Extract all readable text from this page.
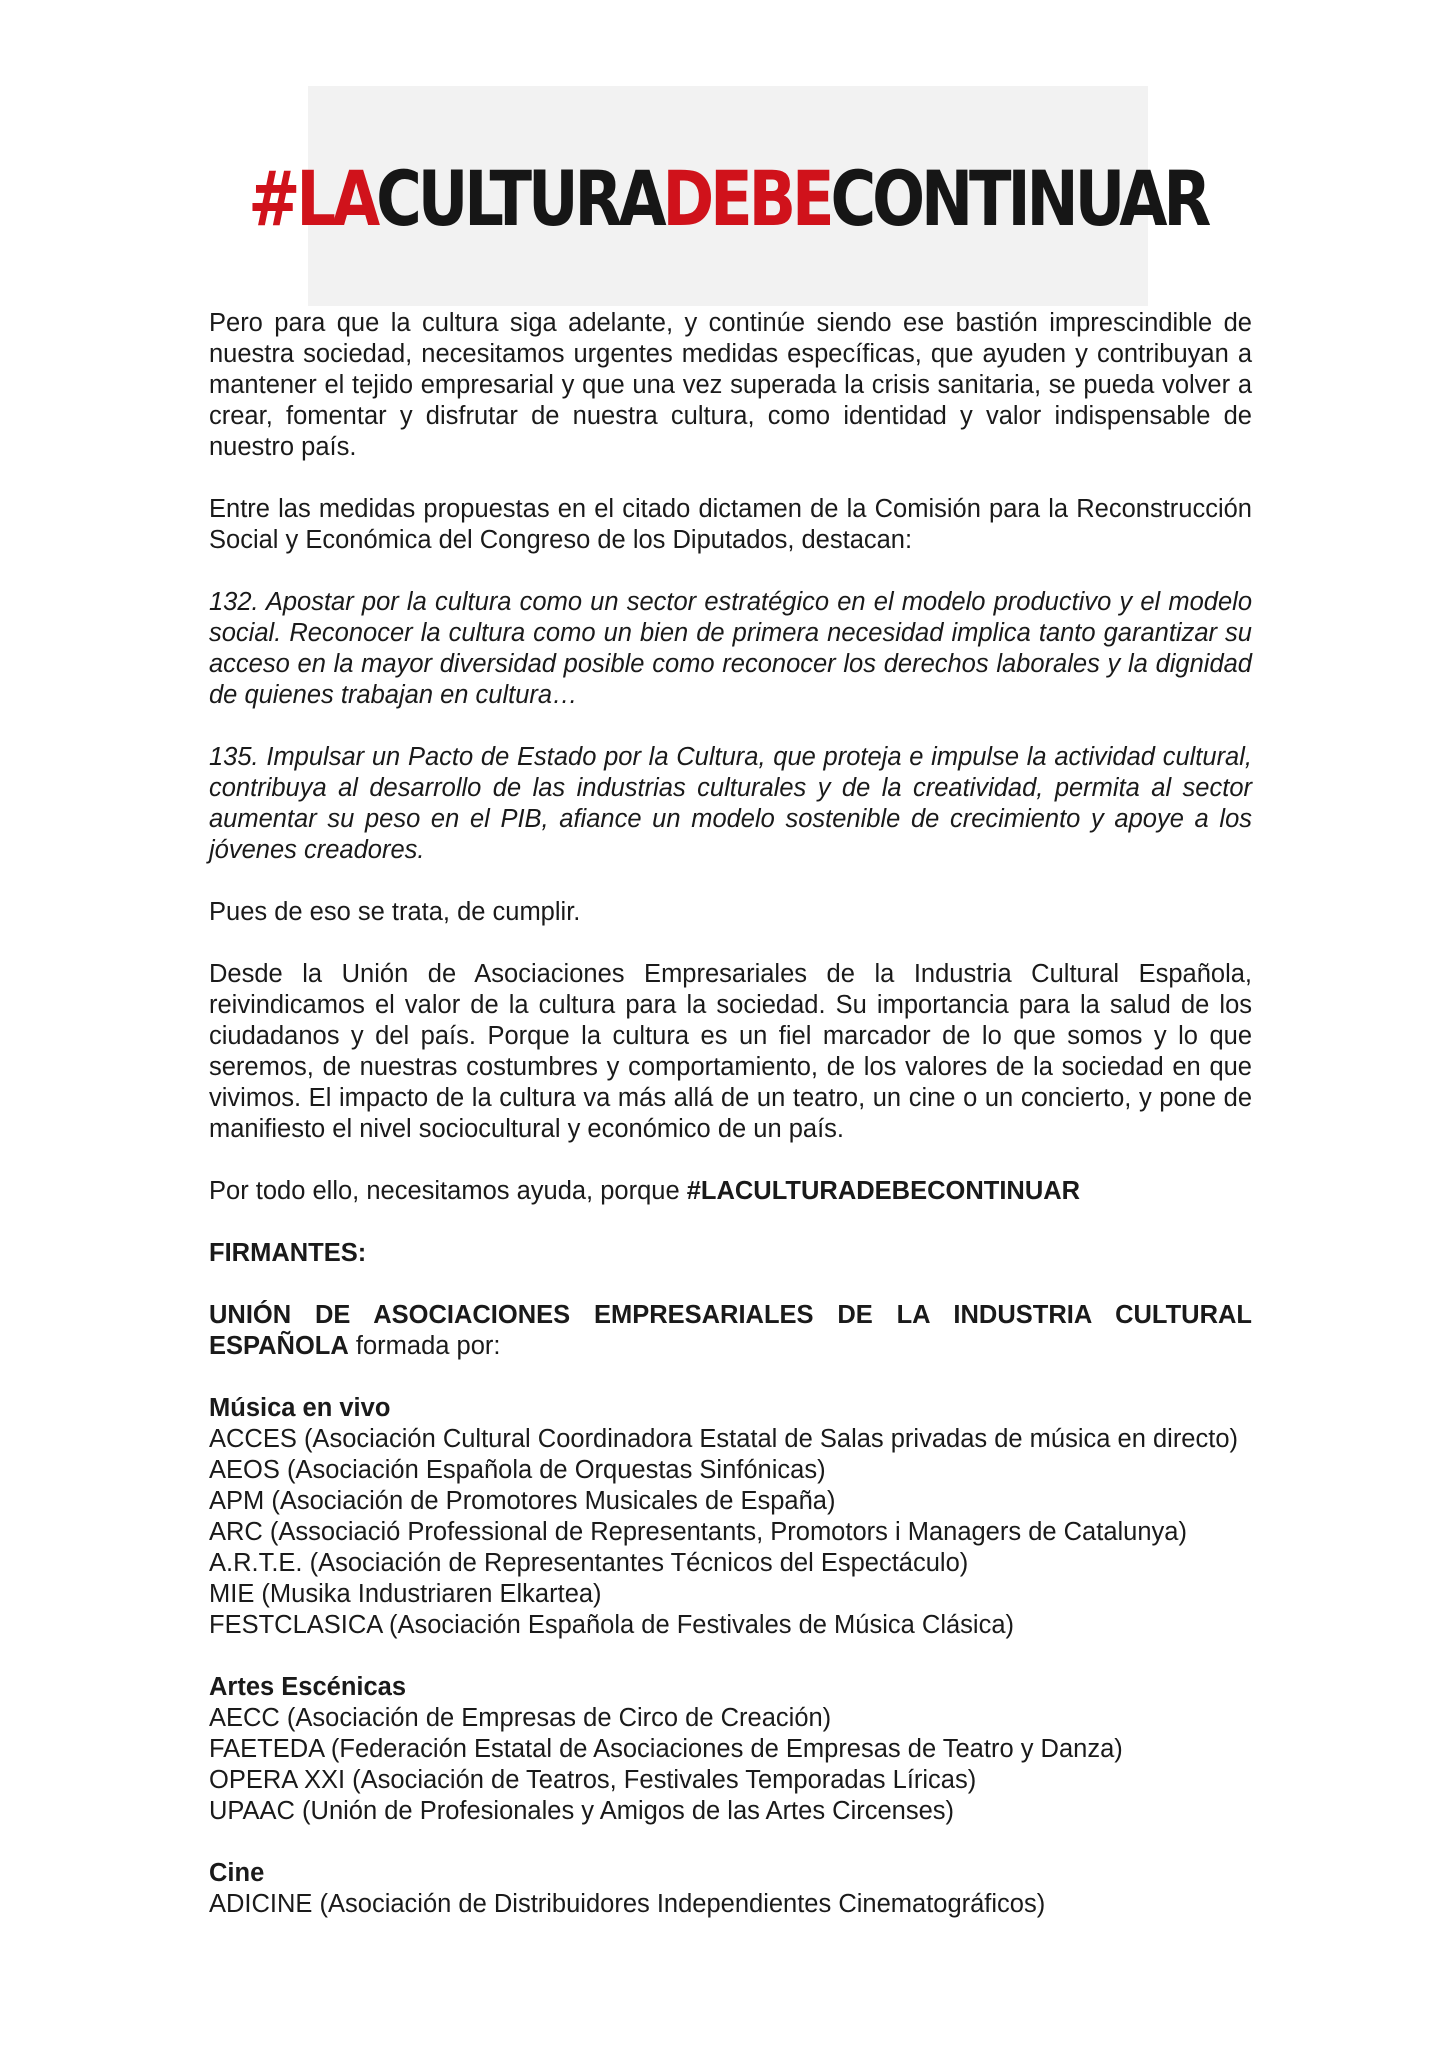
#LACULTURADEBECONTINUAR

Pero para que la cultura siga adelante, y continúe siendo ese bastión imprescindible de nuestra sociedad, necesitamos urgentes medidas específicas, que ayuden y contribuyan a mantener el tejido empresarial y que una vez superada la crisis sanitaria, se pueda volver a crear, fomentar y disfrutar de nuestra cultura, como identidad y valor indispensable de nuestro país.

Entre las medidas propuestas en el citado dictamen de la Comisión para la Reconstrucción Social y Económica del Congreso de los Diputados, destacan:

132. Apostar por la cultura como un sector estratégico en el modelo productivo y el modelo social. Reconocer la cultura como un bien de primera necesidad implica tanto garantizar su acceso en la mayor diversidad posible como reconocer los derechos laborales y la dignidad de quienes trabajan en cultura…

135. Impulsar un Pacto de Estado por la Cultura, que proteja e impulse la actividad cultural, contribuya al desarrollo de las industrias culturales y de la creatividad, permita al sector aumentar su peso en el PIB, afiance un modelo sostenible de crecimiento y apoye a los jóvenes creadores.

Pues de eso se trata, de cumplir.

Desde la Unión de Asociaciones Empresariales de la Industria Cultural Española, reivindicamos el valor de la cultura para la sociedad. Su importancia para la salud de los ciudadanos y del país. Porque la cultura es un fiel marcador de lo que somos y lo que seremos, de nuestras costumbres y comportamiento, de los valores de la sociedad en que vivimos. El impacto de la cultura va más allá de un teatro, un cine o un concierto, y pone de manifiesto el nivel sociocultural y económico de un país.

Por todo ello, necesitamos ayuda, porque #LACULTURADEBECONTINUAR

FIRMANTES:

UNIÓN DE ASOCIACIONES EMPRESARIALES DE LA INDUSTRIA CULTURAL ESPAÑOLA formada por:

Música en vivo
ACCES (Asociación Cultural Coordinadora Estatal de Salas privadas de música en directo)
AEOS (Asociación Española de Orquestas Sinfónicas)
APM (Asociación de Promotores Musicales de España)
ARC (Associació Professional de Representants, Promotors i Managers de Catalunya)
A.R.T.E. (Asociación de Representantes Técnicos del Espectáculo)
MIE (Musika Industriaren Elkartea)
FESTCLASICA (Asociación Española de Festivales de Música Clásica)
Artes Escénicas
AECC (Asociación de Empresas de Circo de Creación)
FAETEDA (Federación Estatal de Asociaciones de Empresas de Teatro y Danza)
OPERA XXI (Asociación de Teatros, Festivales Temporadas Líricas)
UPAAC (Unión de Profesionales y Amigos de las Artes Circenses)
Cine
ADICINE (Asociación de Distribuidores Independientes Cinematográficos)
